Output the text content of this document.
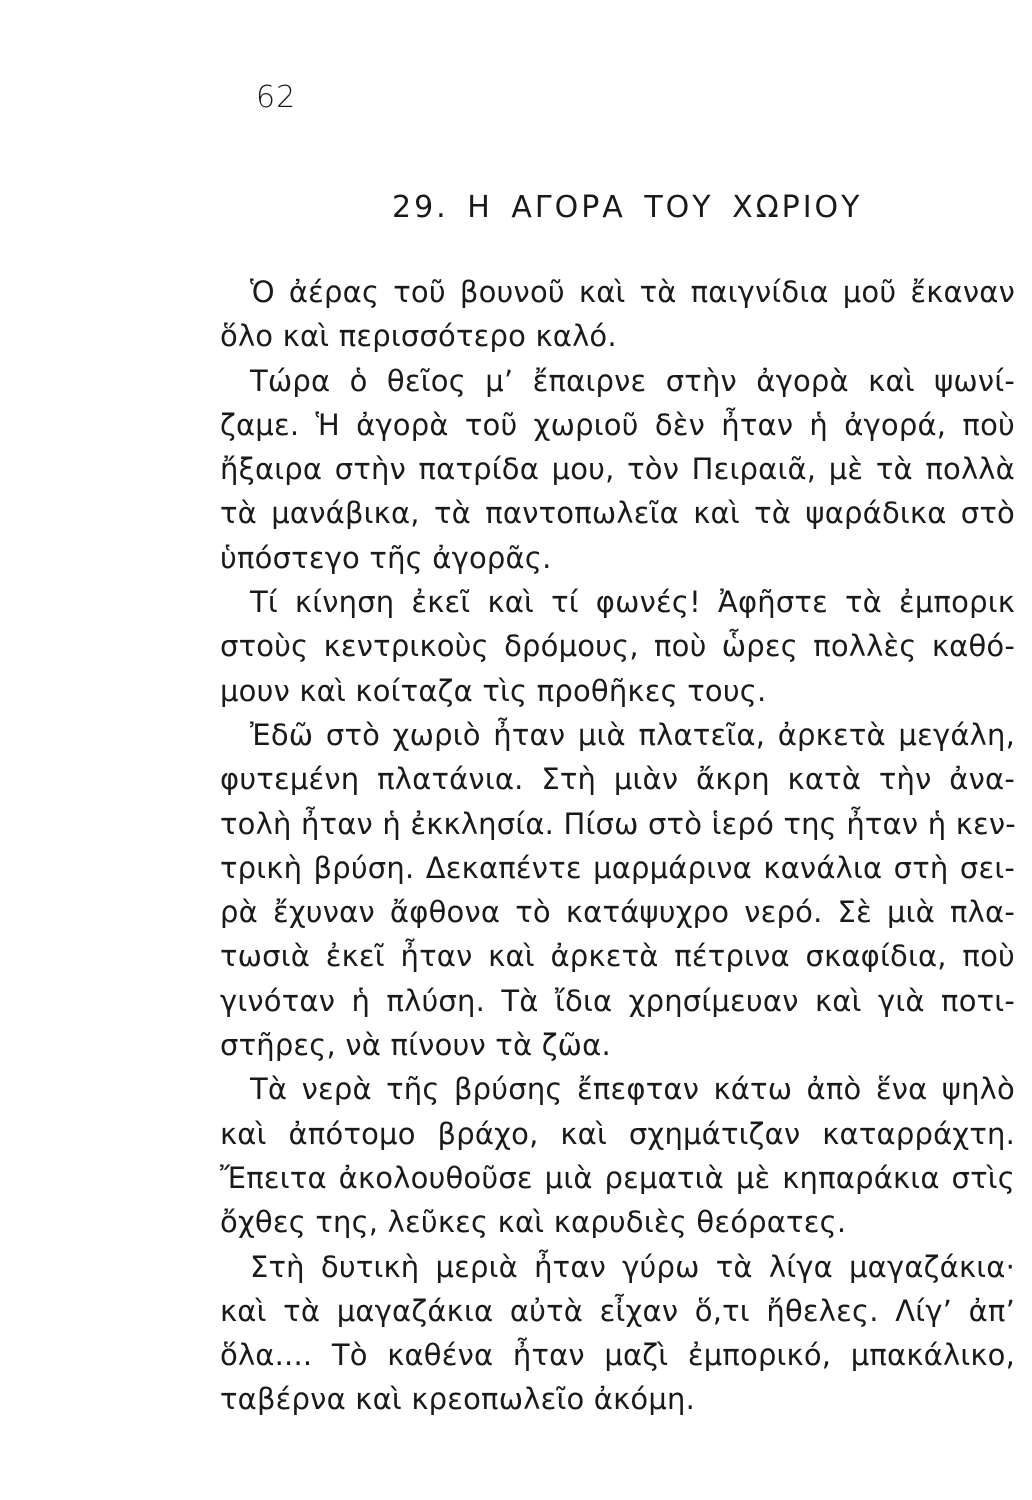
62
29. Η ΑΓΟΡΑ ΤΟΥ ΧΩΡΙΟΥ
Ὁ ἀέρας τοῦ βουνοῦ καὶ τὰ παιγνίδια μοῦ ἔκαναν
ὅλο καὶ περισσότερο καλό.
Τώρα ὁ θεῖος μ’ ἔπαιρνε στὴν ἀγορὰ καὶ ψωνί-
ζαμε. Ἡ ἀγορὰ τοῦ χωριοῦ δὲν ἦταν ἡ ἀγορά, ποὺ
ἤξαιρα στὴν πατρίδα μου, τὸν Πειραιᾶ, μὲ τὰ πολλὰ
τὰ μανάβικα, τὰ παντοπωλεῖα καὶ τὰ ψαράδικα στὸ
ὑπόστεγο τῆς ἀγορᾶς.
Τί κίνηση ἐκεῖ καὶ τί φωνές! Ἀφῆστε τὰ ἐμπορικ
στοὺς κεντρικοὺς δρόμους, ποὺ ὧρες πολλὲς καθό-
μουν καὶ κοίταζα τὶς προθῆκες τους.
Ἐδῶ στὸ χωριὸ ἦταν μιὰ πλατεῖα, ἀρκετὰ μεγάλη,
φυτεμένη πλατάνια. Στὴ μιὰν ἄκρη κατὰ τὴν ἀνα-
τολὴ ἦταν ἡ ἐκκλησία. Πίσω στὸ ἱερό της ἦταν ἡ κεν-
τρικὴ βρύση. Δεκαπέντε μαρμάρινα κανάλια στὴ σει-
ρὰ ἔχυναν ἄφθονα τὸ κατάψυχρο νερό. Σὲ μιὰ πλα-
τωσιὰ ἐκεῖ ἦταν καὶ ἀρκετὰ πέτρινα σκαφίδια, ποὺ
γινόταν ἡ πλύση. Τὰ ἴδια χρησίμευαν καὶ γιὰ ποτι-
στῆρες, νὰ πίνουν τὰ ζῶα.
Τὰ νερὰ τῆς βρύσης ἔπεφταν κάτω ἀπὸ ἕνα ψηλὸ
καὶ ἀπότομο βράχο, καὶ σχημάτιζαν καταρράχτη.
Ἔπειτα ἀκολουθοῦσε μιὰ ρεματιὰ μὲ κηπαράκια στὶς
ὄχθες της, λεῦκες καὶ καρυδιὲς θεόρατες.
Στὴ δυτικὴ μεριὰ ἦταν γύρω τὰ λίγα μαγαζάκια·
καὶ τὰ μαγαζάκια αὐτὰ εἶχαν ὅ,τι ἤθελες. Λίγ’ ἀπ’
ὅλα.... Τὸ καθένα ἦταν μαζὶ ἐμπορικό, μπακάλικο,
ταβέρνα καὶ κρεοπωλεῖο ἀκόμη.
